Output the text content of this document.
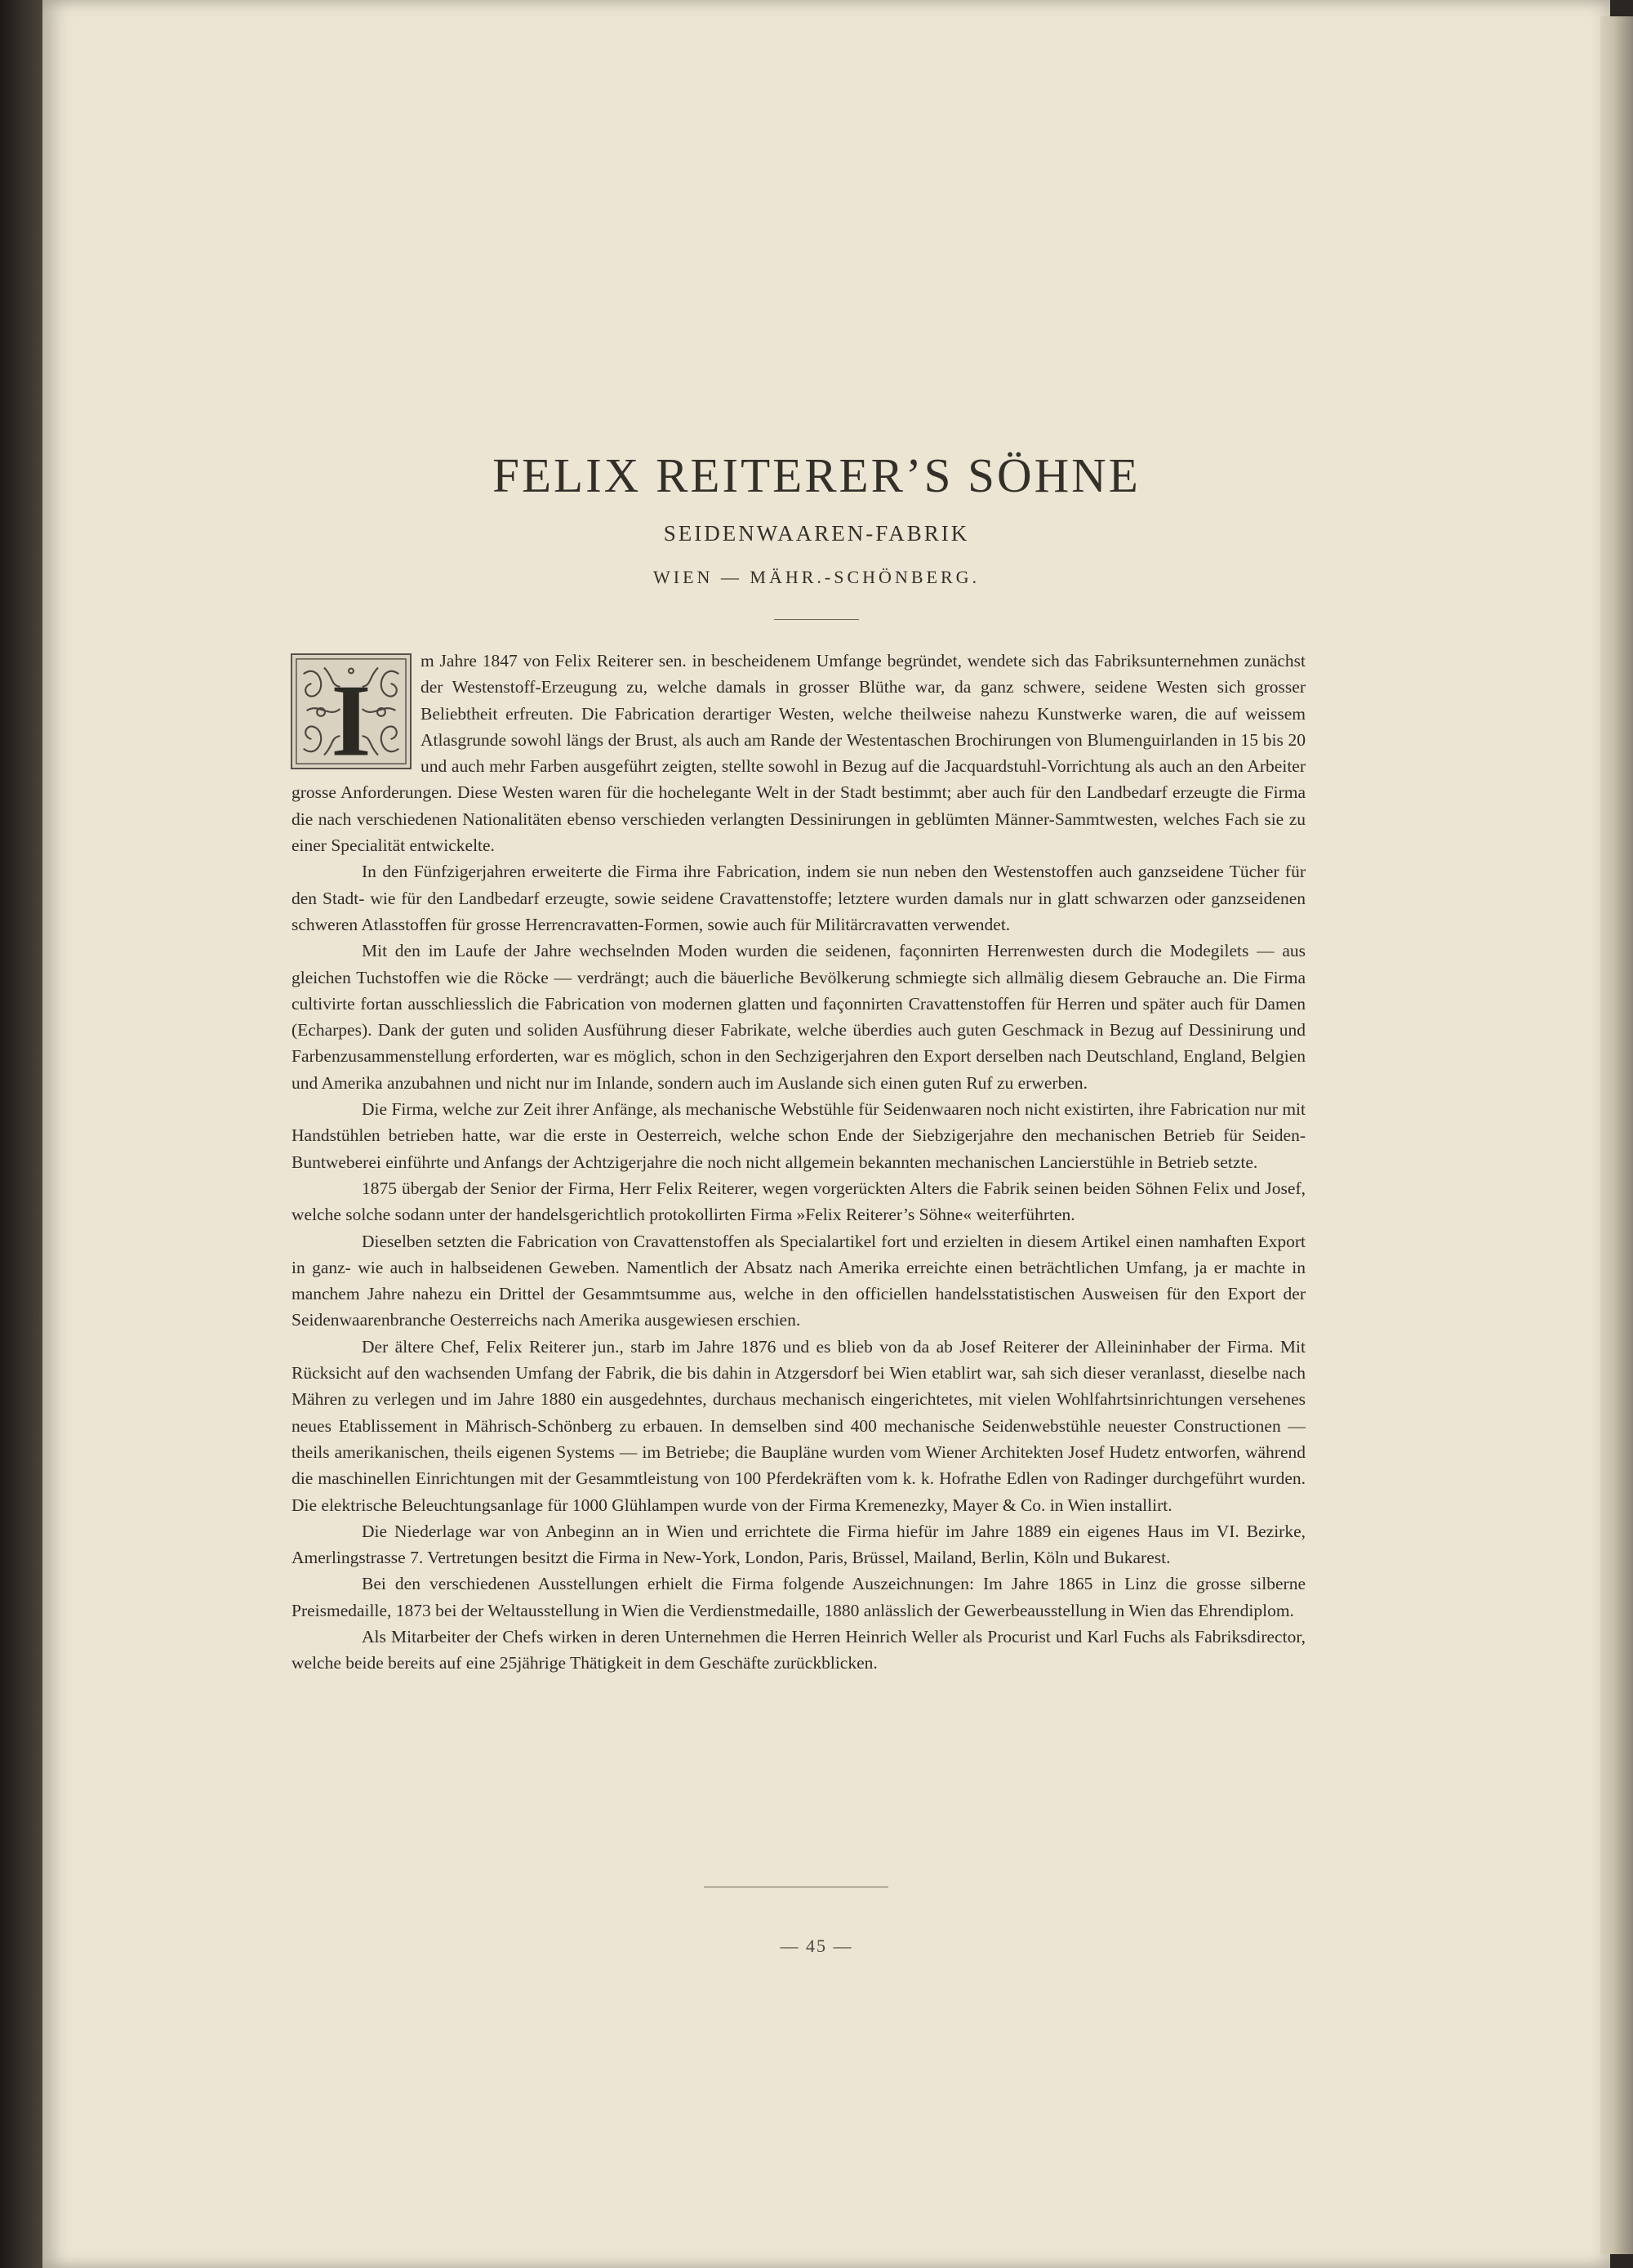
FELIX REITERER’S SÖHNE
SEIDENWAAREN-FABRIK
WIEN — MÄHR.-SCHÖNBERG.
I

m Jahre 1847 von Felix Reiterer sen. in bescheidenem Umfange begründet, wendete sich das Fabriksunternehmen zunächst der Westenstoff-Erzeugung zu, welche damals in grosser Blüthe war, da ganz schwere, seidene Westen sich grosser Beliebtheit erfreuten. Die Fabrication derartiger Westen, welche theilweise nahezu Kunstwerke waren, die auf weissem Atlasgrunde sowohl längs der Brust, als auch am Rande der Westentaschen Brochirungen von Blumenguirlanden in 15 bis 20 und auch mehr Farben ausgeführt zeigten, stellte sowohl in Bezug auf die Jacquardstuhl-Vorrichtung als auch an den Arbeiter grosse Anforderungen. Diese Westen waren für die hochelegante Welt in der Stadt bestimmt; aber auch für den Landbedarf erzeugte die Firma die nach verschiedenen Nationalitäten ebenso verschieden verlangten Dessinirungen in geblümten Männer-Sammtwesten, welches Fach sie zu einer Specialität entwickelte.

In den Fünfzigerjahren erweiterte die Firma ihre Fabrication, indem sie nun neben den Westenstoffen auch ganzseidene Tücher für den Stadt- wie für den Landbedarf erzeugte, sowie seidene Cravattenstoffe; letztere wurden damals nur in glatt schwarzen oder ganzseidenen schweren Atlasstoffen für grosse Herrencravatten-Formen, sowie auch für Militärcravatten verwendet.

Mit den im Laufe der Jahre wechselnden Moden wurden die seidenen, façonnirten Herrenwesten durch die Modegilets — aus gleichen Tuchstoffen wie die Röcke — verdrängt; auch die bäuerliche Bevölkerung schmiegte sich allmälig diesem Gebrauche an. Die Firma cultivirte fortan ausschliesslich die Fabrication von modernen glatten und façonnirten Cravattenstoffen für Herren und später auch für Damen (Echarpes). Dank der guten und soliden Ausführung dieser Fabrikate, welche überdies auch guten Geschmack in Bezug auf Dessinirung und Farbenzusammenstellung erforderten, war es möglich, schon in den Sechzigerjahren den Export derselben nach Deutschland, England, Belgien und Amerika anzubahnen und nicht nur im Inlande, sondern auch im Auslande sich einen guten Ruf zu erwerben.

Die Firma, welche zur Zeit ihrer Anfänge, als mechanische Webstühle für Seidenwaaren noch nicht existirten, ihre Fabrication nur mit Handstühlen betrieben hatte, war die erste in Oesterreich, welche schon Ende der Siebzigerjahre den mechanischen Betrieb für Seiden-Buntweberei einführte und Anfangs der Achtzigerjahre die noch nicht allgemein bekannten mechanischen Lancierstühle in Betrieb setzte.

1875 übergab der Senior der Firma, Herr Felix Reiterer, wegen vorgerückten Alters die Fabrik seinen beiden Söhnen Felix und Josef, welche solche sodann unter der handelsgerichtlich protokollirten Firma »Felix Reiterer’s Söhne« weiterführten.

Dieselben setzten die Fabrication von Cravattenstoffen als Specialartikel fort und erzielten in diesem Artikel einen namhaften Export in ganz- wie auch in halbseidenen Geweben. Namentlich der Absatz nach Amerika erreichte einen beträchtlichen Umfang, ja er machte in manchem Jahre nahezu ein Drittel der Gesammtsumme aus, welche in den officiellen handelsstatistischen Ausweisen für den Export der Seidenwaarenbranche Oesterreichs nach Amerika ausgewiesen erschien.

Der ältere Chef, Felix Reiterer jun., starb im Jahre 1876 und es blieb von da ab Josef Reiterer der Alleininhaber der Firma. Mit Rücksicht auf den wachsenden Umfang der Fabrik, die bis dahin in Atzgersdorf bei Wien etablirt war, sah sich dieser veranlasst, dieselbe nach Mähren zu verlegen und im Jahre 1880 ein ausgedehntes, durchaus mechanisch eingerichtetes, mit vielen Wohlfahrtsinrichtungen versehenes neues Etablissement in Mährisch-Schönberg zu erbauen. In demselben sind 400 mechanische Seidenwebstühle neuester Constructionen — theils amerikanischen, theils eigenen Systems — im Betriebe; die Baupläne wurden vom Wiener Architekten Josef Hudetz entworfen, während die maschinellen Einrichtungen mit der Gesammtleistung von 100 Pferdekräften vom k. k. Hofrathe Edlen von Radinger durchgeführt wurden. Die elektrische Beleuchtungsanlage für 1000 Glühlampen wurde von der Firma Kremenezky, Mayer & Co. in Wien installirt.

Die Niederlage war von Anbeginn an in Wien und errichtete die Firma hiefür im Jahre 1889 ein eigenes Haus im VI. Bezirke, Amerlingstrasse 7. Vertretungen besitzt die Firma in New-York, London, Paris, Brüssel, Mailand, Berlin, Köln und Bukarest.

Bei den verschiedenen Ausstellungen erhielt die Firma folgende Auszeichnungen: Im Jahre 1865 in Linz die grosse silberne Preismedaille, 1873 bei der Weltausstellung in Wien die Verdienstmedaille, 1880 anlässlich der Gewerbeausstellung in Wien das Ehrendiplom.

Als Mitarbeiter der Chefs wirken in deren Unternehmen die Herren Heinrich Weller als Procurist und Karl Fuchs als Fabriksdirector, welche beide bereits auf eine 25jährige Thätigkeit in dem Geschäfte zurückblicken.

— 45 —
